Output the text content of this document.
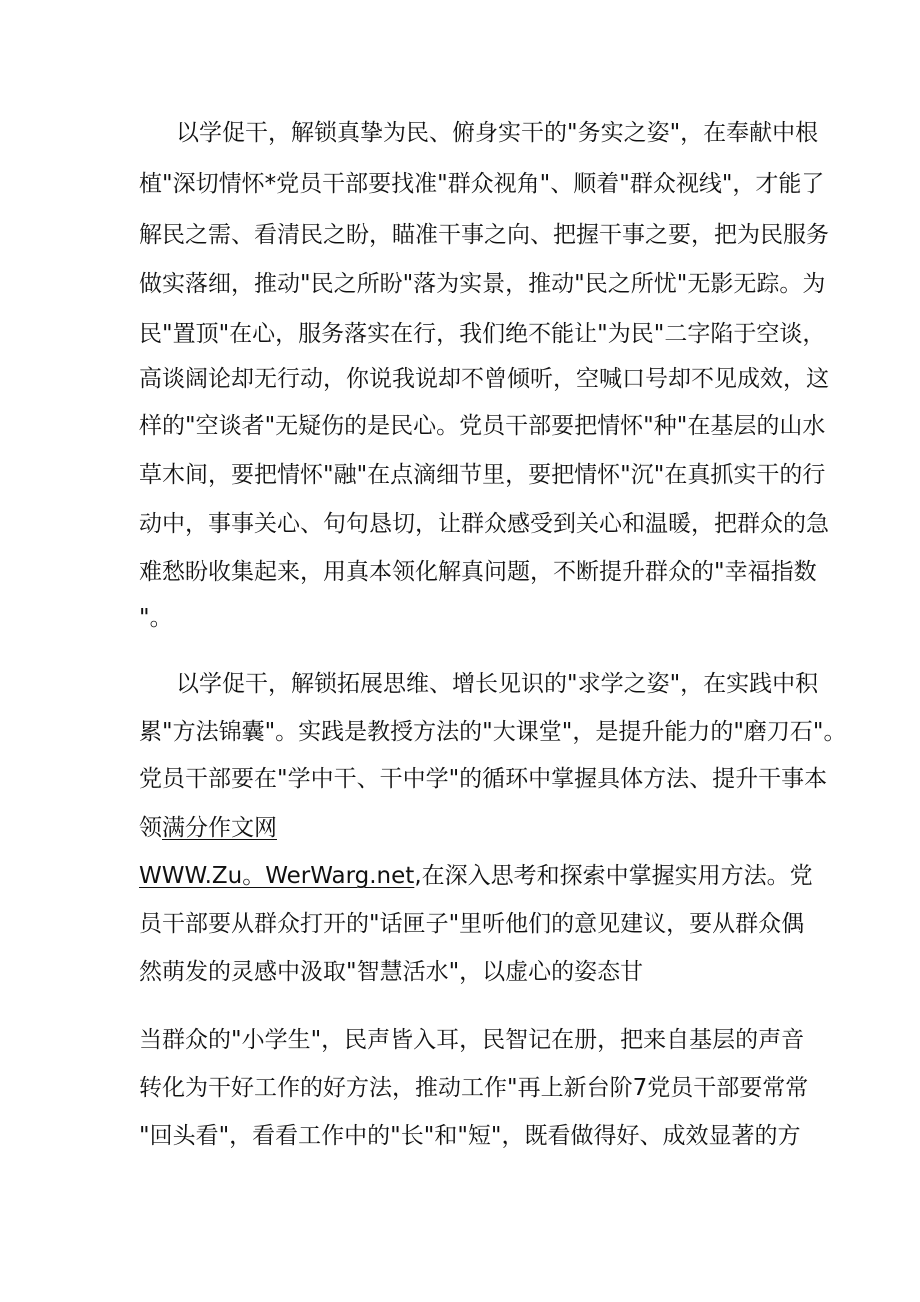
以学促干，解锁真挚为民、俯身实干的"务实之姿"，在奉献中根
植"深切情怀*党员干部要找准"群众视角"、顺着"群众视线"，才能了
解民之需、看清民之盼，瞄准干事之向、把握干事之要，把为民服务
做实落细，推动"民之所盼"落为实景，推动"民之所忧"无影无踪。为
民"置顶"在心，服务落实在行，我们绝不能让"为民"二字陷于空谈，
高谈阔论却无行动，你说我说却不曾倾听，空喊口号却不见成效，这
样的"空谈者"无疑伤的是民心。党员干部要把情怀"种"在基层的山水
草木间，要把情怀"融"在点滴细节里，要把情怀"沉"在真抓实干的行
动中，事事关心、句句恳切，让群众感受到关心和温暖，把群众的急
难愁盼收集起来，用真本领化解真问题，不断提升群众的"幸福指数
"。
以学促干，解锁拓展思维、增长见识的"求学之姿"，在实践中积
累"方法锦囊"。实践是教授方法的"大课堂"，是提升能力的"磨刀石"。
党员干部要在"学中干、干中学"的循环中掌握具体方法、提升干事本
领满分作文网
WWW.Zu。WerWarg.net,在深入思考和探索中掌握实用方法。党
员干部要从群众打开的"话匣子"里听他们的意见建议，要从群众偶
然萌发的灵感中汲取"智慧活水"，以虚心的姿态甘
当群众的"小学生"，民声皆入耳，民智记在册，把来自基层的声音
转化为干好工作的好方法，推动工作"再上新台阶7党员干部要常常
"回头看"，看看工作中的"长"和"短"，既看做得好、成效显著的方
